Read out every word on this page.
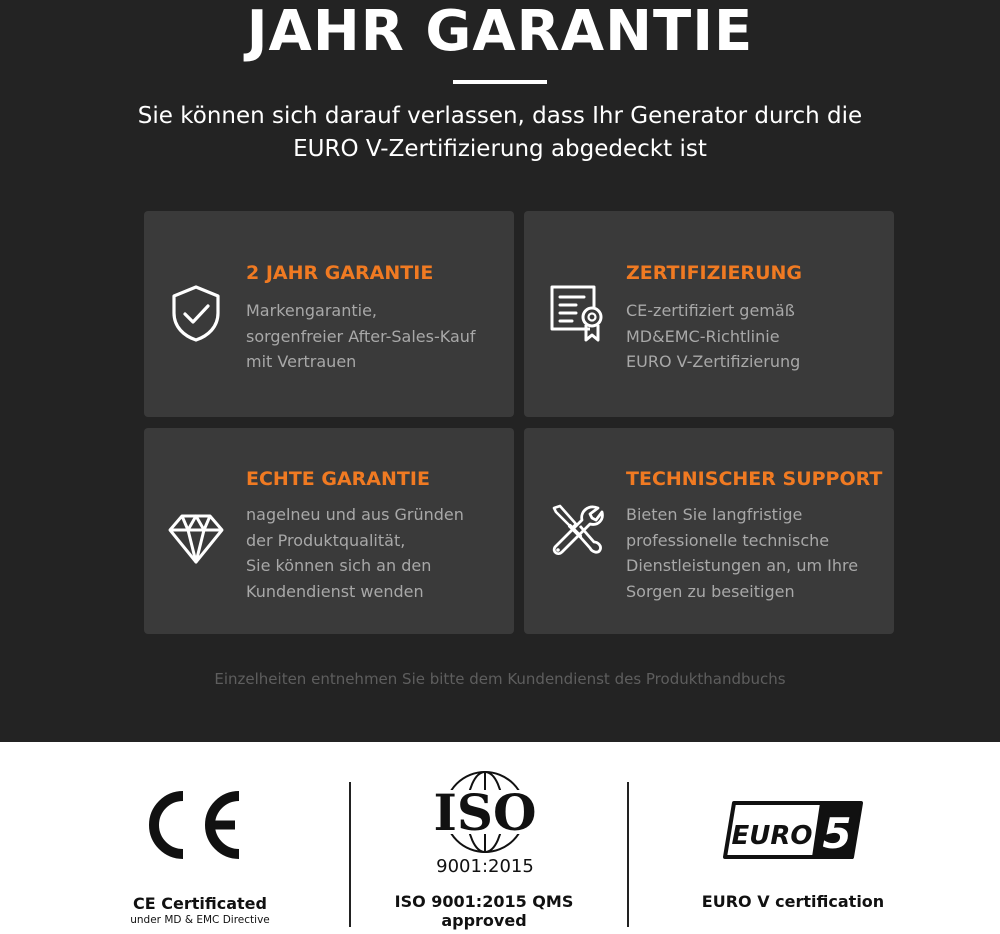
JAHR GARANTIE
Sie können sich darauf verlassen, dass Ihr Generator durch die
EURO V-Zertifizierung abgedeckt ist
2 JAHR GARANTIE
Markengarantie,
sorgenfreier After-Sales-Kauf
mit Vertrauen
ZERTIFIZIERUNG
CE-zertifiziert gemäß
MD&EMC-Richtlinie
EURO V-Zertifizierung
ECHTE GARANTIE
nagelneu und aus Gründen
der Produktqualität,
Sie können sich an den
Kundendienst wenden
TECHNISCHER SUPPORT
Bieten Sie langfristige
professionelle technische
Dienstleistungen an, um Ihre
Sorgen zu beseitigen
Einzelheiten entnehmen Sie bitte dem Kundendienst des Produkthandbuchs
CE Certificated
under MD & EMC Directive
ISO
9001:2015
ISO 9001:2015 QMS
approved
EURO 5
EURO V certification
